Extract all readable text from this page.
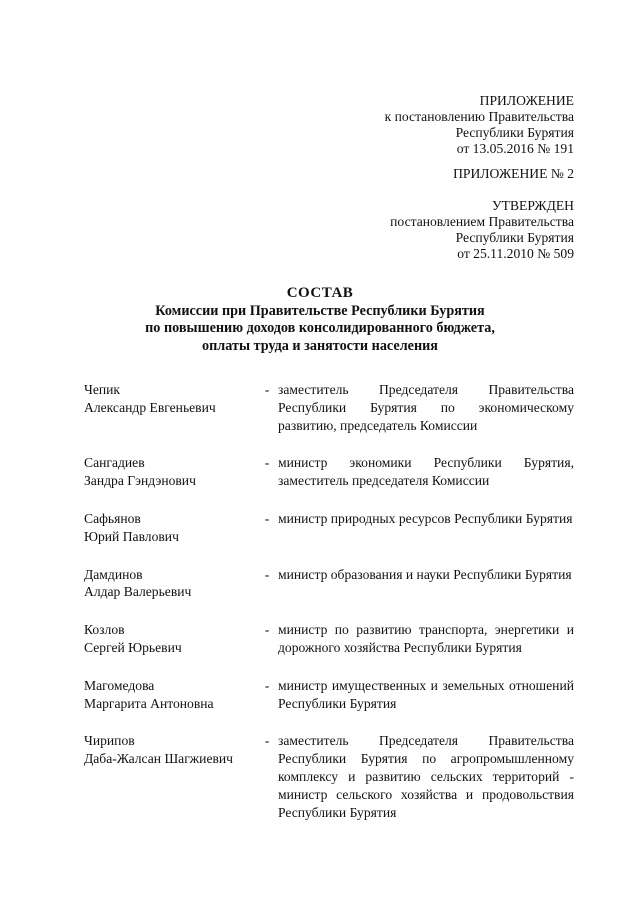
ПРИЛОЖЕНИЕ
к постановлению Правительства
Республики Бурятия
от 13.05.2016 № 191
ПРИЛОЖЕНИЕ № 2
УТВЕРЖДЕН
постановлением Правительства
Республики Бурятия
от 25.11.2010 № 509
СОСТАВ
Комиссии при Правительстве Республики Бурятия
по повышению доходов консолидированного бюджета,
оплаты труда и занятости населения
Чепик
Александр Евгеньевич
- заместитель Председателя Правительства Республики Бурятия по экономическому развитию, председатель Комиссии
Сангадиев
Зандра Гэндэнович
- министр экономики Республики Бурятия, заместитель председателя Комиссии
Сафьянов
Юрий Павлович
- министр природных ресурсов Республики Бурятия
Дамдинов
Алдар Валерьевич
- министр образования и науки Республики Бурятия
Козлов
Сергей Юрьевич
- министр по развитию транспорта, энергетики и дорожного хозяйства Республики Бурятия
Магомедова
Маргарита Антоновна
- министр имущественных и земельных отношений Республики Бурятия
Чирипов
Даба-Жалсан Шагжиевич
- заместитель Председателя Правительства Республики Бурятия по агропромышленному комплексу и развитию сельских территорий - министр сельского хозяйства и продовольствия Республики Бурятия
